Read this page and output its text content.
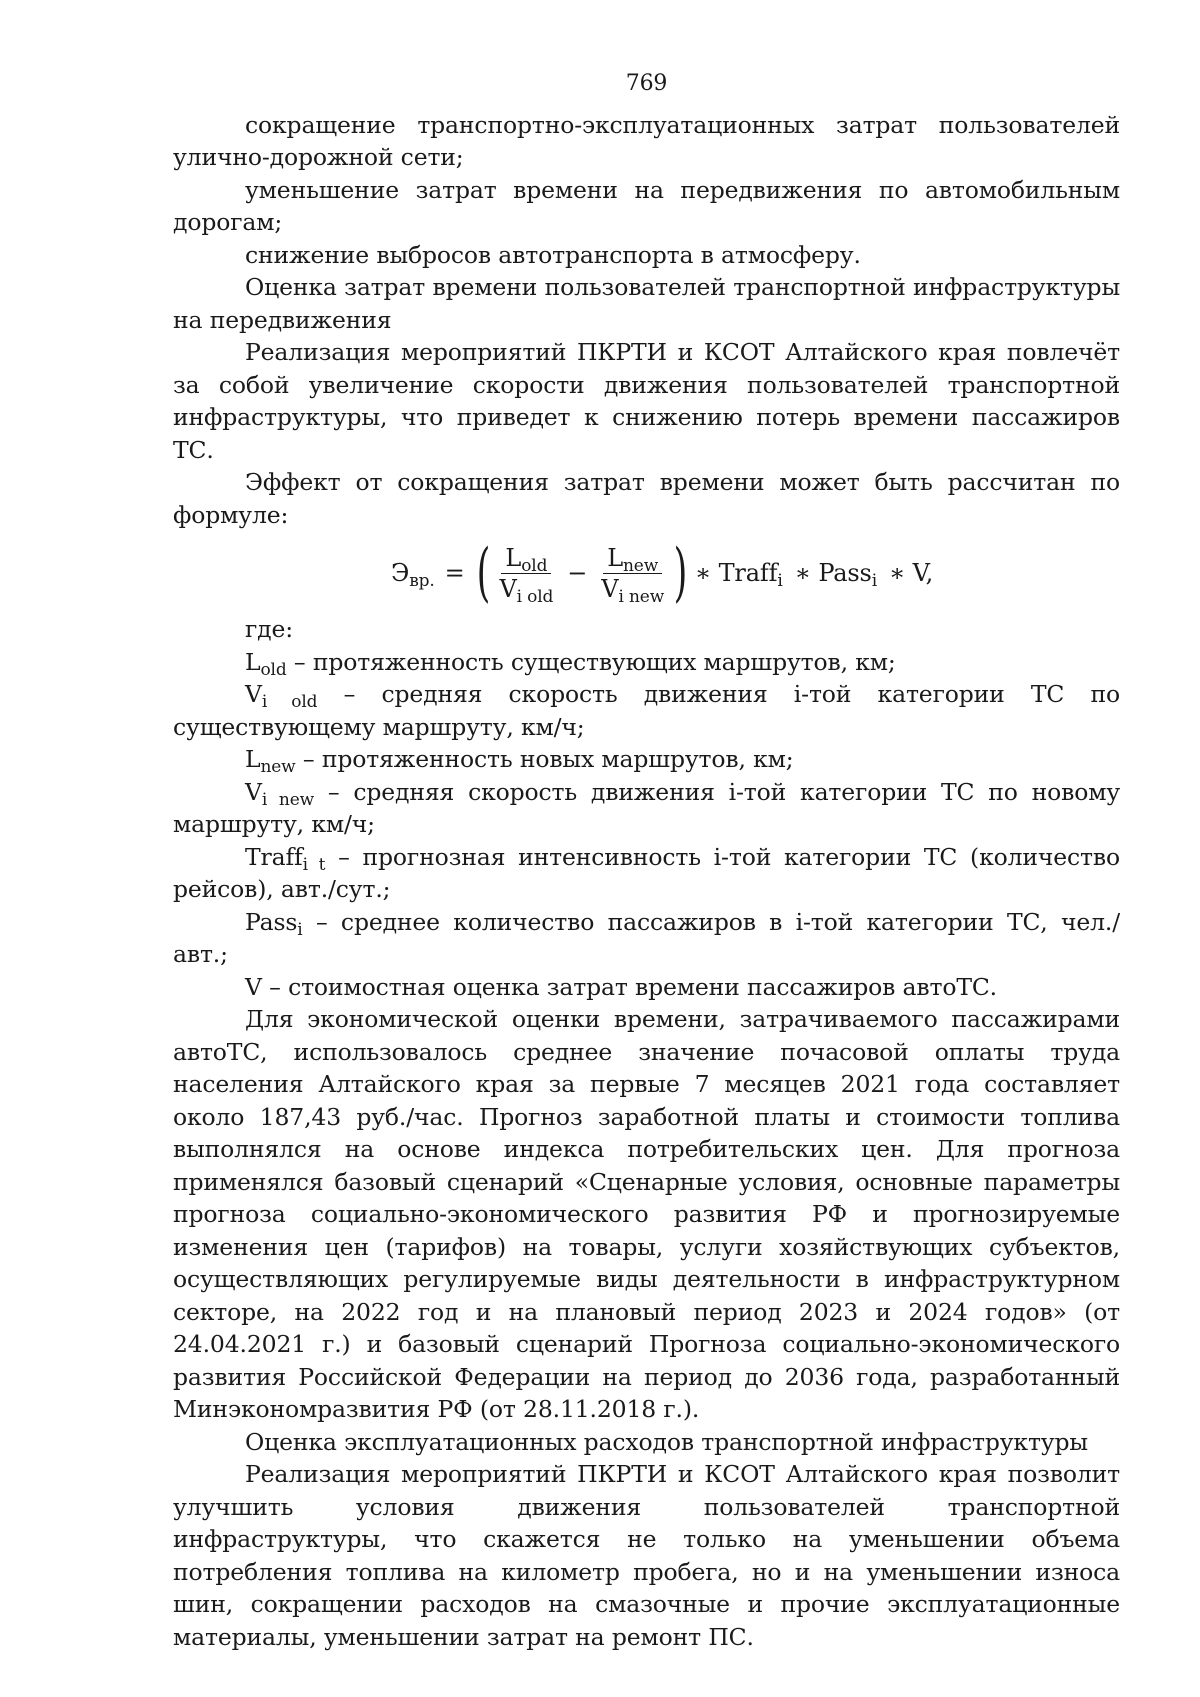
769

сокращение транспортно-эксплуатационных затрат пользователей улично-дорожной сети;

уменьшение затрат времени на передвижения по автомобильным дорогам;

снижение выбросов автотранспорта в атмосферу.

Оценка затрат времени пользователей транспортной инфраструктуры на передвижения

Реализация мероприятий ПКРТИ и КСОТ Алтайского края повлечёт за собой увеличение скорости движения пользователей транспортной инфраструктуры, что приведет к снижению потерь времени пассажиров ТС.

Эффект от сокращения затрат времени может быть рассчитан по формуле:

$Э_{вр.}$ = ( $\frac{L_{old}}{V_{i old}} - \frac{L_{new}}{V_{i new}}$ ) ∗ Traff$_i$ ∗ Pass$_i$ ∗ V,

где:

$L_{old}$ – протяженность существующих маршрутов, км;

$V_{i old}$ – средняя скорость движения i-той категории ТС по существующему маршруту, км/ч;

$L_{new}$ – протяженность новых маршрутов, км;

$V_{i new}$ – средняя скорость движения i-той категории ТС по новому маршруту, км/ч;

Traff$_{i t}$ – прогнозная интенсивность i-той категории ТС (количество рейсов), авт./сут.;

Pass$_i$ – среднее количество пассажиров в i-той категории ТС, чел./авт.;

V – стоимостная оценка затрат времени пассажиров автоТС.

Для экономической оценки времени, затрачиваемого пассажирами автоТС, использовалось среднее значение почасовой оплаты труда населения Алтайского края за первые 7 месяцев 2021 года составляет около 187,43 руб./час. Прогноз заработной платы и стоимости топлива выполнялся на основе индекса потребительских цен. Для прогноза применялся базовый сценарий «Сценарные условия, основные параметры прогноза социально-экономического развития РФ и прогнозируемые изменения цен (тарифов) на товары, услуги хозяйствующих субъектов, осуществляющих регулируемые виды деятельности в инфраструктурном секторе, на 2022 год и на плановый период 2023 и 2024 годов» (от 24.04.2021 г.) и базовый сценарий Прогноза социально-экономического развития Российской Федерации на период до 2036 года, разработанный Минэкономразвития РФ (от 28.11.2018 г.).

Оценка эксплуатационных расходов транспортной инфраструктуры

Реализация мероприятий ПКРТИ и КСОТ Алтайского края позволит улучшить условия движения пользователей транспортной инфраструктуры, что скажется не только на уменьшении объема потребления топлива на километр пробега, но и на уменьшении износа шин, сокращении расходов на смазочные и прочие эксплуатационные материалы, уменьшении затрат на ремонт ПС.
